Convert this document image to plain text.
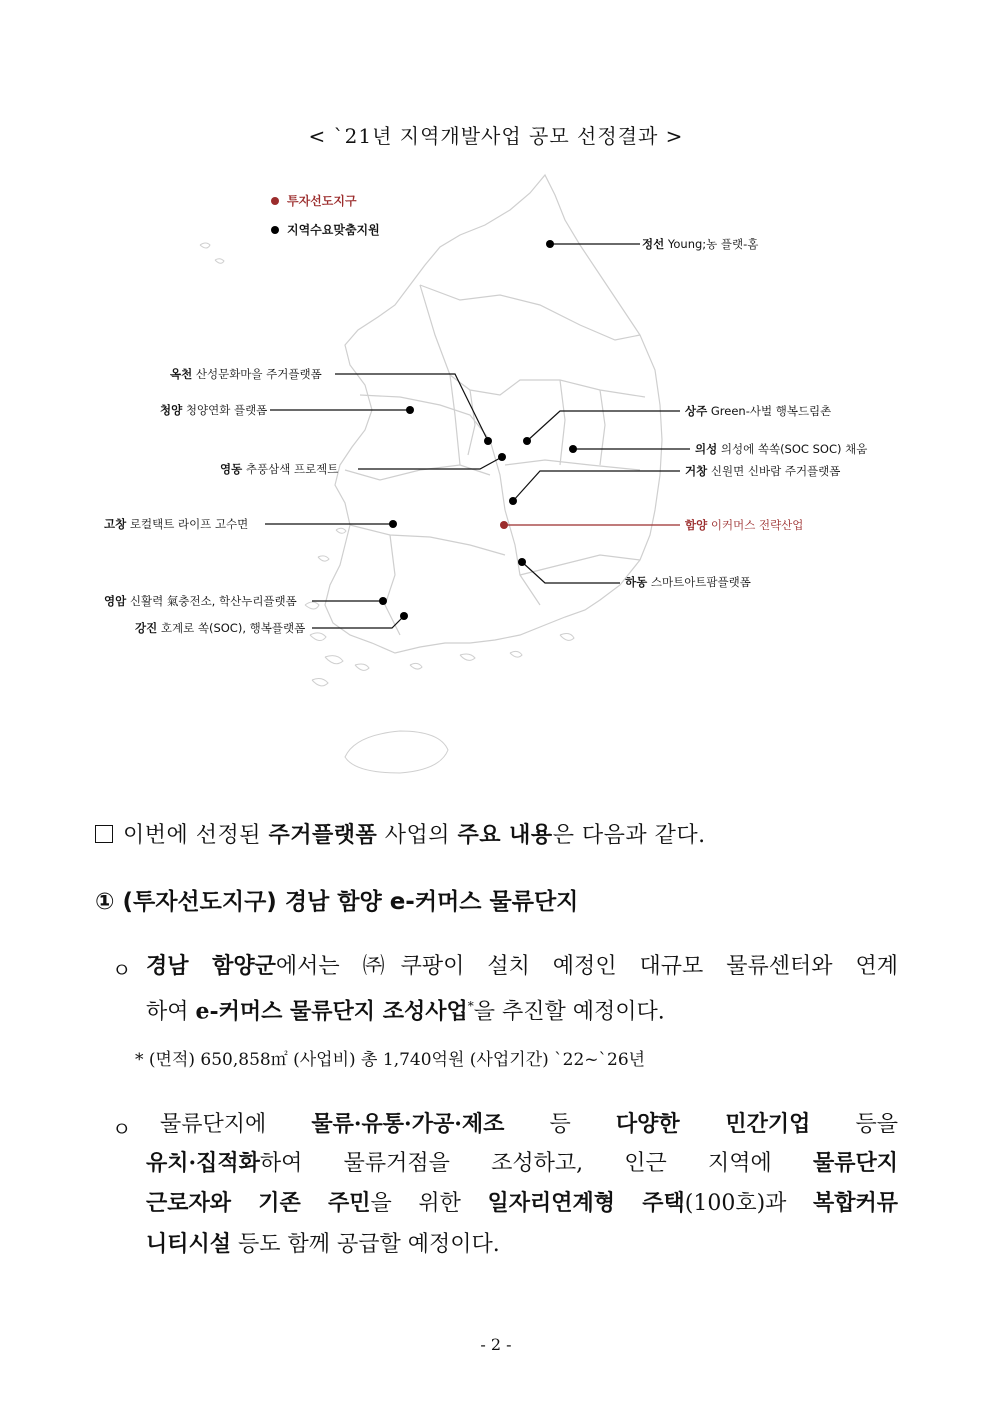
< `21년 지역개발사업 공모 선정결과 >
투자선도지구
지역수요맞춤지원
정선 Young;농 플랫-홈
옥천 산성문화마을 주거플랫폼
청양 청양연화 플랫폼	상주 Green-사벌 행복드림촌
의성 의성에 쏙쏙(SOC SOC) 채움
영동 추풍삼색 프로젝트	거창 신원면 신바람 주거플랫폼
고창 로컬택트 라이프 고수면	함양 이커머스 전략산업
하동 스마트아트팜플랫폼
영암 신활력 氣충전소, 학산누리플랫폼
강진 호계로 쏙(SOC), 행복플랫폼
이번에 선정된 주거플랫폼 사업의 주요 내용은 다음과 같다.
① (투자선도지구) 경남 함양 e-커머스 물류단지
ㅇ 경남 함양군에서는 ㈜쿠팡이 설치 예정인 대규모 물류센터와 연계
하여 e-커머스 물류단지 조성사업*을 추진할 예정이다.
* (면적) 650,858㎡ (사업비) 총 1,740억원 (사업기간) `22~`26년
ㅇ 물류단지에 물류·유통·가공·제조 등 다양한 민간기업 등을
유치·집적화하여 물류거점을 조성하고, 인근 지역에 물류단지
근로자와 기존 주민을 위한 일자리연계형 주택(100호)과 복합커뮤
니티시설 등도 함께 공급할 예정이다.
- 2 -
